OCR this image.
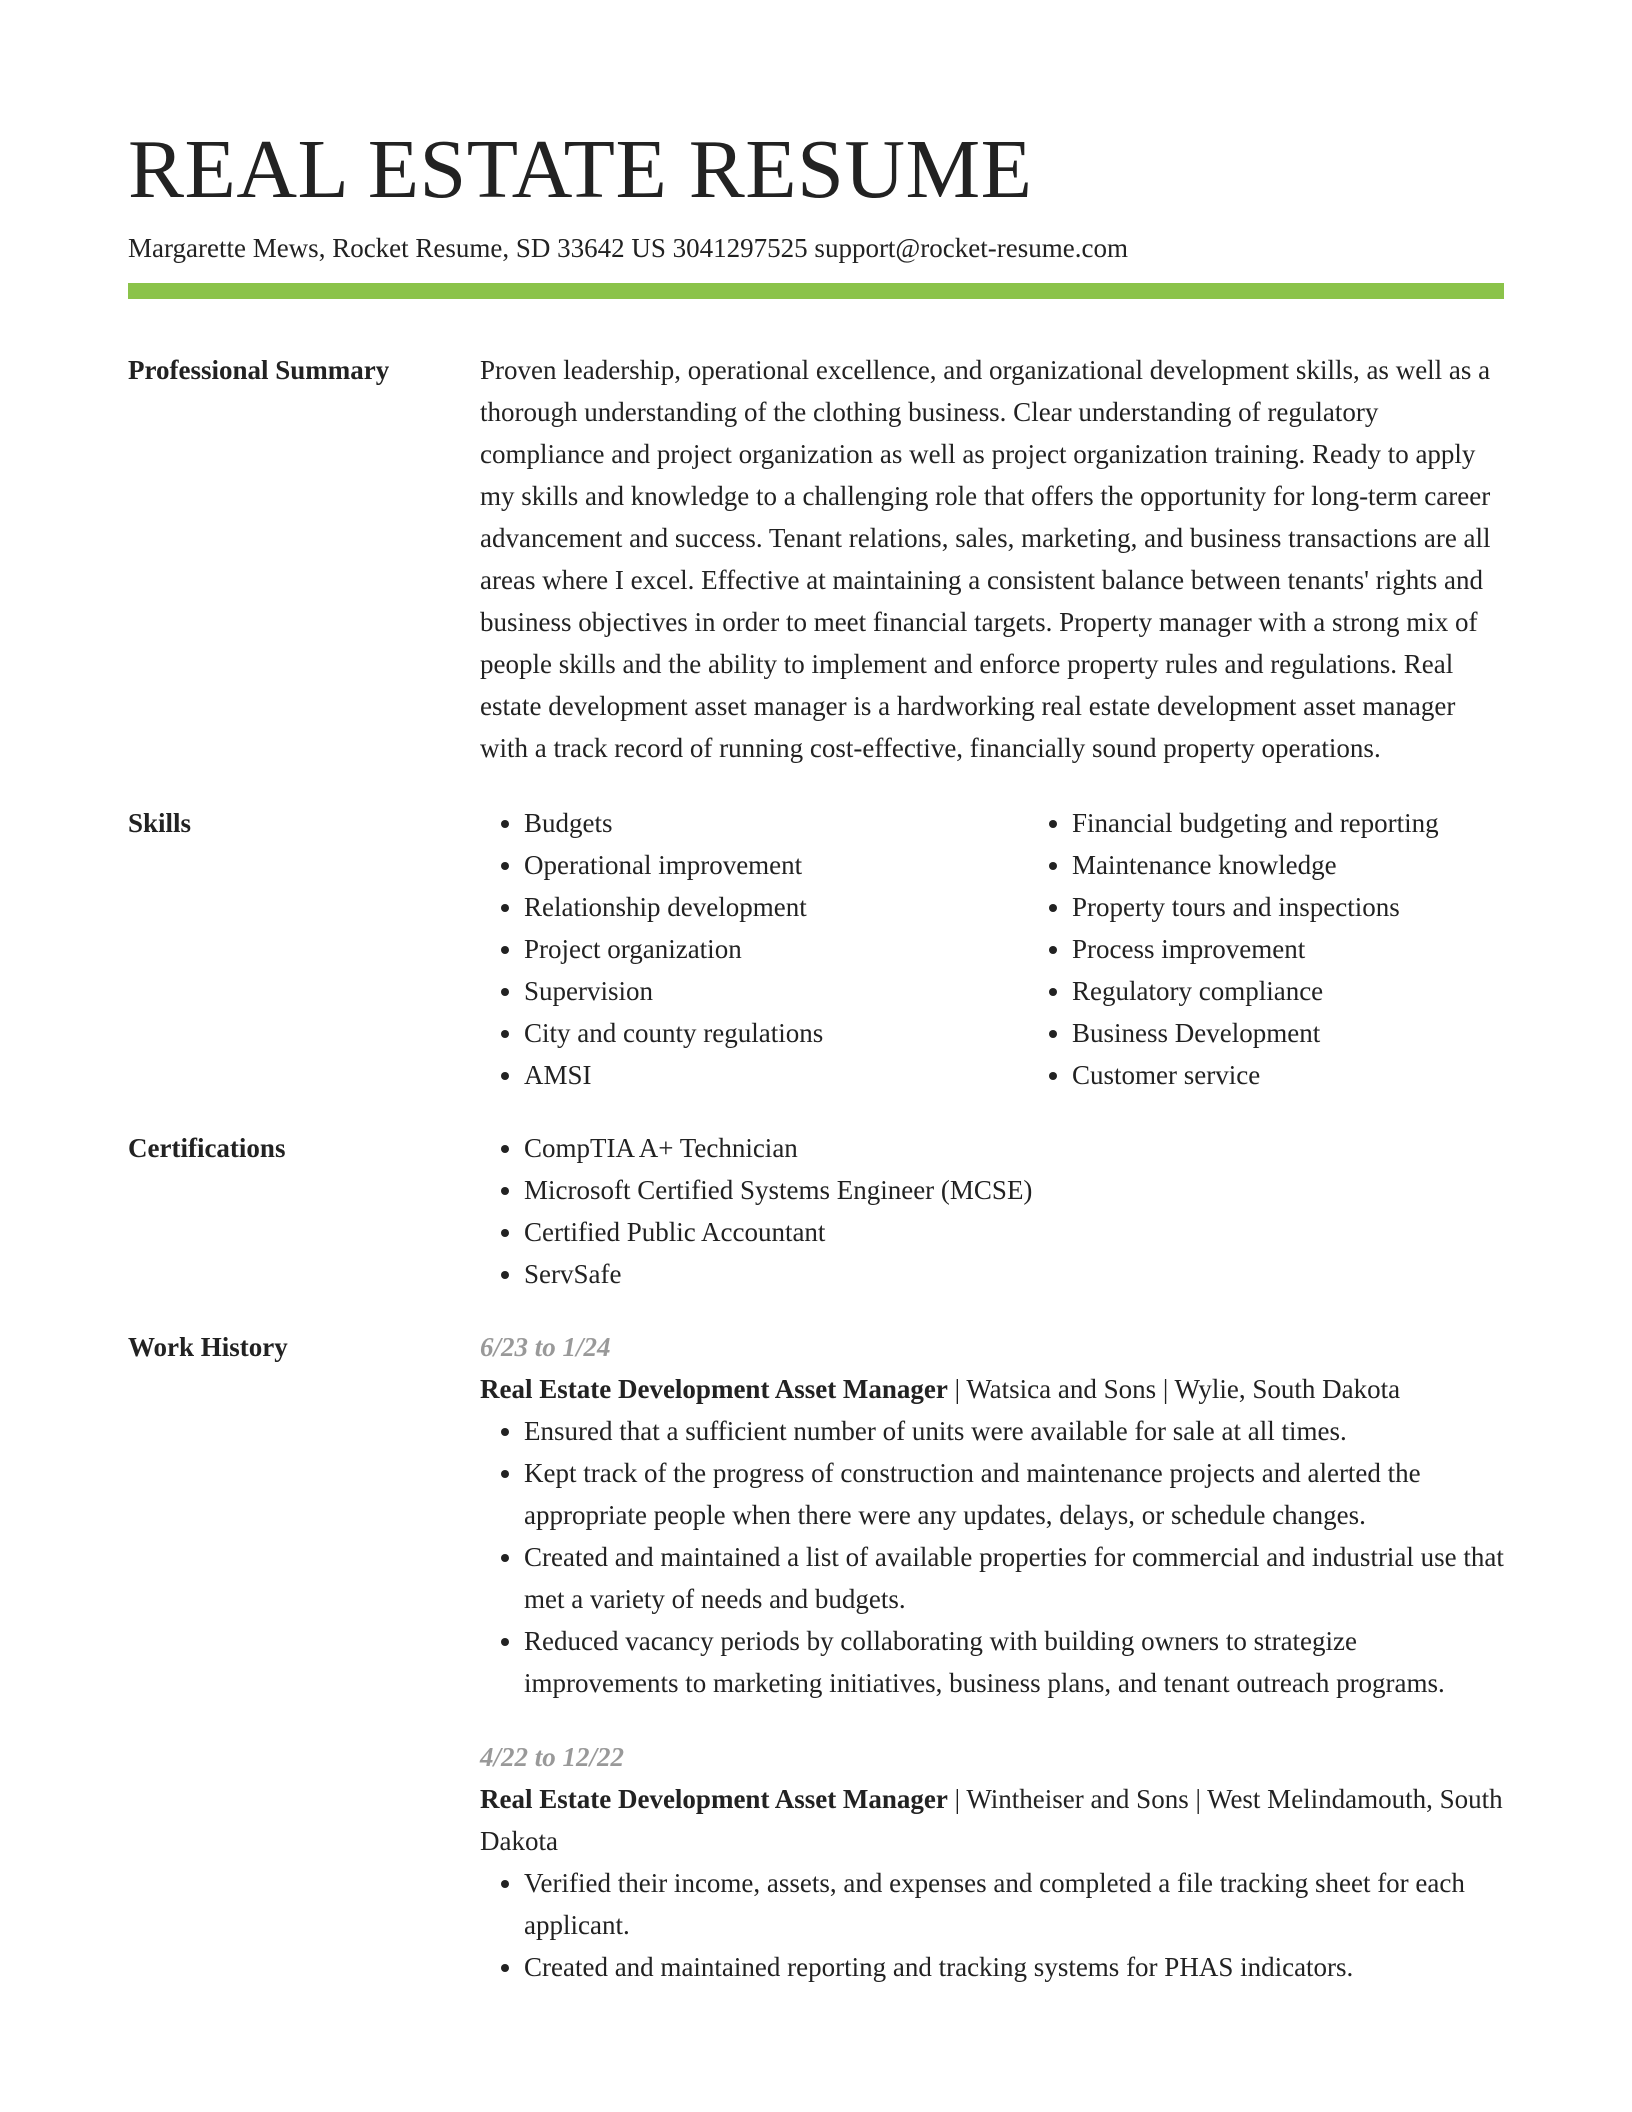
REAL ESTATE RESUME
Margarette Mews, Rocket Resume, SD 33642 US 3041297525 support@rocket-resume.com
Professional Summary	Proven leadership, operational excellence, and organizational development skills, as well as a thorough understanding of the clothing business. Clear understanding of regulatory compliance and project organization as well as project organization training. Ready to apply my skills and knowledge to a challenging role that offers the opportunity for long-term career advancement and success. Tenant relations, sales, marketing, and business transactions are all areas where I excel. Effective at maintaining a consistent balance between tenants' rights and business objectives in order to meet financial targets. Property manager with a strong mix of people skills and the ability to implement and enforce property rules and regulations. Real estate development asset manager is a hardworking real estate development asset manager with a track record of running cost-effective, financially sound property operations.

Skills	• Budgets
• Operational improvement
• Relationship development
• Project organization
• Supervision
• City and county regulations
• AMSI
• Financial budgeting and reporting
• Maintenance knowledge
• Property tours and inspections
• Process improvement
• Regulatory compliance
• Business Development
• Customer service
Certifications	• CompTIA A+ Technician
• Microsoft Certified Systems Engineer (MCSE)
• Certified Public Accountant
• ServSafe
Work History	6/23 to 1/24

Real Estate Development Asset Manager | Watsica and Sons | Wylie, South Dakota

• Ensured that a sufficient number of units were available for sale at all times.
• Kept track of the progress of construction and maintenance projects and alerted the appropriate people when there were any updates, delays, or schedule changes.
• Created and maintained a list of available properties for commercial and industrial use that met a variety of needs and budgets.
• Reduced vacancy periods by collaborating with building owners to strategize improvements to marketing initiatives, business plans, and tenant outreach programs.
4/22 to 12/22

Real Estate Development Asset Manager | Wintheiser and Sons | West Melindamouth, South Dakota

• Verified their income, assets, and expenses and completed a file tracking sheet for each applicant.
• Created and maintained reporting and tracking systems for PHAS indicators.
